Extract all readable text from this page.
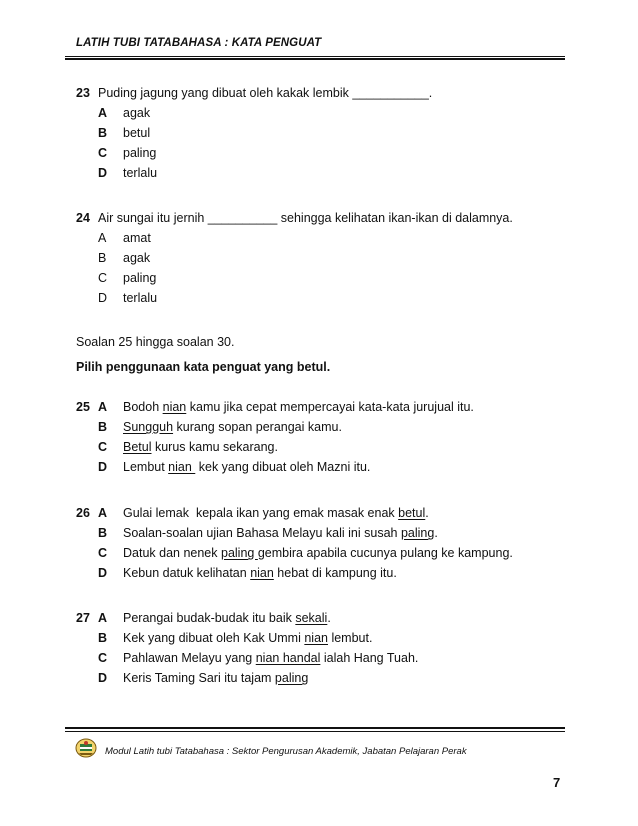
LATIH TUBI TATABAHASA : KATA PENGUAT
23 Puding jagung yang dibuat oleh kakak lembik ___________.
A agak
B betul
C paling
D terlalu
24 Air sungai itu jernih __________ sehingga kelihatan ikan-ikan di dalamnya.
A amat
B agak
C paling
D terlalu
Soalan 25 hingga soalan 30.
Pilih penggunaan kata penguat yang betul.
25 A Bodoh nian kamu jika cepat mempercayai kata-kata jurujual itu.
B Sungguh kurang sopan perangai kamu.
C Betul kurus kamu sekarang.
D Lembut nian  kek yang dibuat oleh Mazni itu.
26 A Gulai lemak  kepala ikan yang emak masak enak betul.
B Soalan-soalan ujian Bahasa Melayu kali ini susah paling.
C Datuk dan nenek paling gembira apabila cucunya pulang ke kampung.
D Kebun datuk kelihatan nian hebat di kampung itu.
27 A Perangai budak-budak itu baik sekali.
B Kek yang dibuat oleh Kak Ummi nian lembut.
C Pahlawan Melayu yang nian handal ialah Hang Tuah.
D Keris Taming Sari itu tajam paling
Modul Latih tubi Tatabahasa : Sektor Pengurusan Akademik, Jabatan Pelajaran Perak
7
